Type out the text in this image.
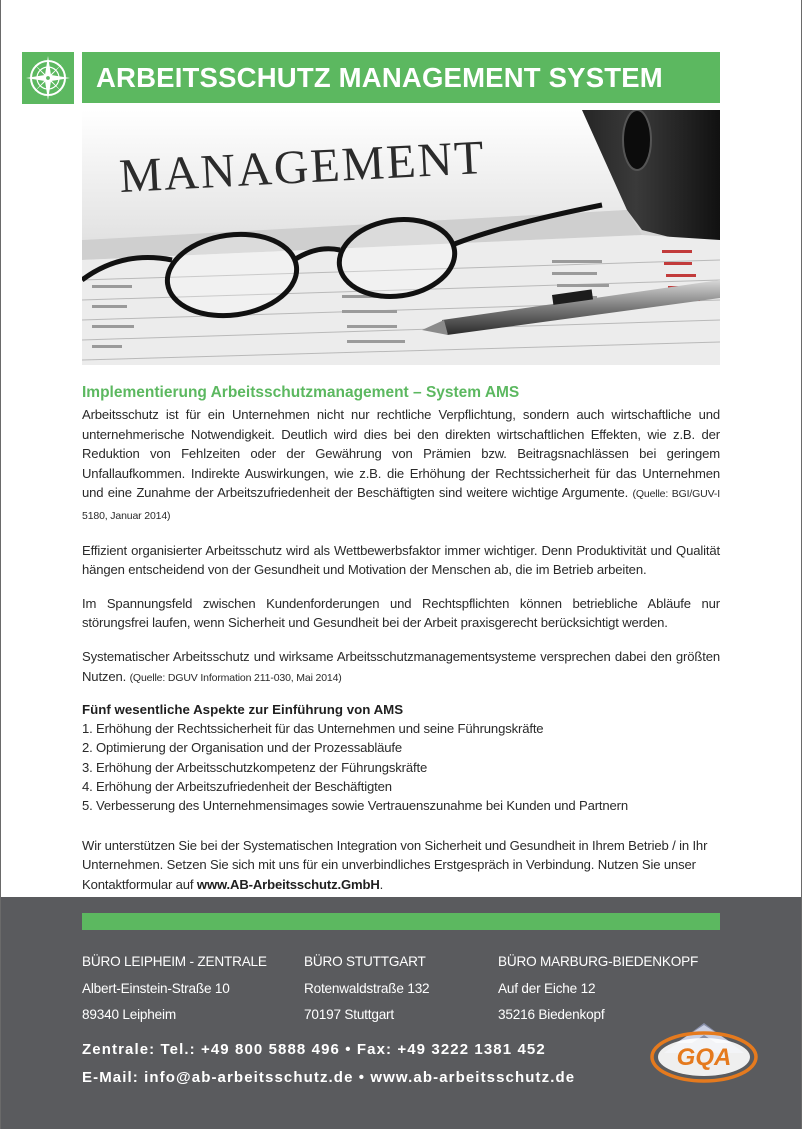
ARBEITSSCHUTZ MANAGEMENT SYSTEM
MANAGEMENT
Implementierung Arbeitsschutzmanagement – System AMS

Arbeitsschutz ist für ein Unternehmen nicht nur rechtliche Verpflichtung, sondern auch wirtschaftliche und unternehmerische Notwendigkeit. Deutlich wird dies bei den direkten wirtschaftlichen Effekten, wie z.B. der Reduktion von Fehlzeiten oder der Gewährung von Prämien bzw. Beitragsnachlässen bei geringem Unfallaufkommen. Indirekte Auswirkungen, wie z.B. die Erhöhung der Rechtssicherheit für das Unternehmen und eine Zunahme der Arbeitszufriedenheit der Beschäftigten sind weitere wichtige Argumente. (Quelle: BGI/GUV-I 5180, Januar 2014)

Effizient organisierter Arbeitsschutz wird als Wettbewerbsfaktor immer wichtiger. Denn Produktivität und Qualität hängen entscheidend von der Gesundheit und Motivation der Menschen ab, die im Betrieb arbeiten.

Im Spannungsfeld zwischen Kundenforderungen und Rechtspflichten können betriebliche Abläufe nur störungsfrei laufen, wenn Sicherheit und Gesundheit bei der Arbeit praxisgerecht berücksichtigt werden.

Systematischer Arbeitsschutz und wirksame Arbeitsschutzmanagementsysteme versprechen dabei den größten Nutzen. (Quelle: DGUV Information 211-030, Mai 2014)

Fünf wesentliche Aspekte zur Einführung von AMS
1. Erhöhung der Rechtssicherheit für das Unternehmen und seine Führungskräfte
2. Optimierung der Organisation und der Prozessabläufe
3. Erhöhung der Arbeitsschutzkompetenz der Führungskräfte
4. Erhöhung der Arbeitszufriedenheit der Beschäftigten
5. Verbesserung des Unternehmensimages sowie Vertrauenszunahme bei Kunden und Partnern

Wir unterstützen Sie bei der Systematischen Integration von Sicherheit und Gesundheit in Ihrem Betrieb / in Ihr Unternehmen. Setzen Sie sich mit uns für ein unverbindliches Erstgespräch in Verbindung. Nutzen Sie unser Kontaktformular auf www.AB-Arbeitsschutz.GmbH.

BÜRO LEIPHEIM - ZENTRALE
Albert-Einstein-Straße 10
89340 Leipheim
BÜRO STUTTGART
Rotenwaldstraße 132
70197 Stuttgart
BÜRO MARBURG-BIEDENKOPF
Auf der Eiche 12
35216 Biedenkopf
Zentrale: Tel.: +49 800 5888 496 • Fax: +49 3222 1381 452
E-Mail: info@ab-arbeitsschutz.de • www.ab-arbeitsschutz.de
GQA
